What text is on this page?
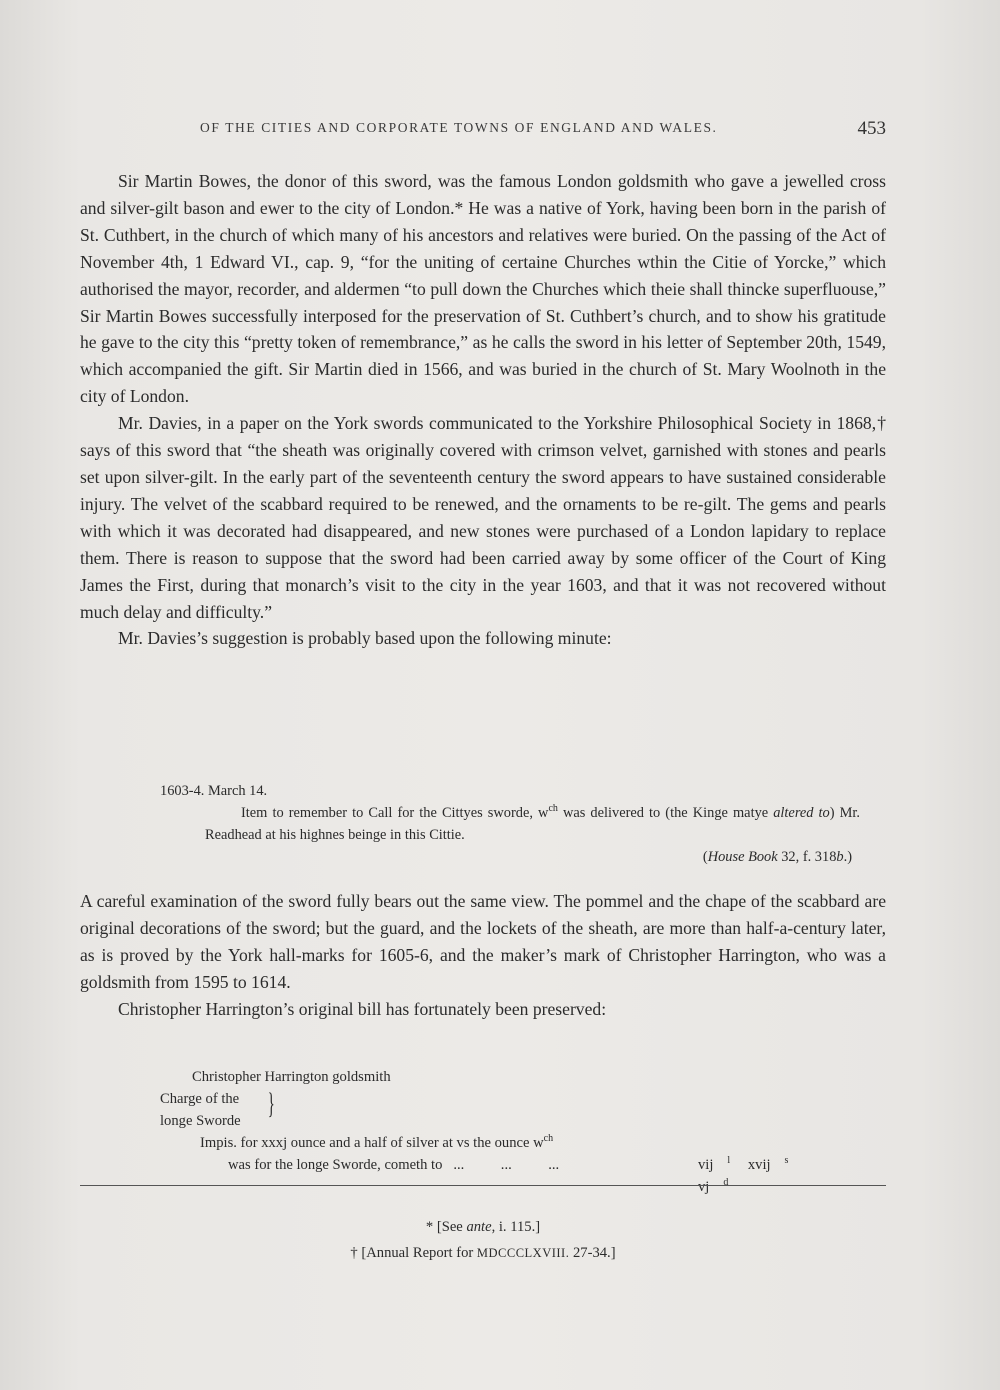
OF THE CITIES AND CORPORATE TOWNS OF ENGLAND AND WALES.	453

Sir Martin Bowes, the donor of this sword, was the famous London goldsmith who gave a jewelled cross and silver-gilt bason and ewer to the city of London.* He was a native of York, having been born in the parish of St. Cuthbert, in the church of which many of his ancestors and relatives were buried. On the passing of the Act of November 4th, 1 Edward VI., cap. 9, “for the uniting of certaine Churches wthin the Citie of Yorcke,” which authorised the mayor, recorder, and aldermen “to pull down the Churches which theie shall thincke superfluouse,” Sir Martin Bowes successfully interposed for the preservation of St. Cuthbert’s church, and to show his gratitude he gave to the city this “pretty token of remembrance,” as he calls the sword in his letter of September 20th, 1549, which accompanied the gift. Sir Martin died in 1566, and was buried in the church of St. Mary Woolnoth in the city of London.

Mr. Davies, in a paper on the York swords communicated to the Yorkshire Philosophical Society in 1868,† says of this sword that “the sheath was originally covered with crimson velvet, garnished with stones and pearls set upon silver-gilt. In the early part of the seventeenth century the sword appears to have sustained considerable injury. The velvet of the scabbard required to be renewed, and the ornaments to be re-gilt. The gems and pearls with which it was decorated had disappeared, and new stones were purchased of a London lapidary to replace them. There is reason to suppose that the sword had been carried away by some officer of the Court of King James the First, during that monarch’s visit to the city in the year 1603, and that it was not recovered without much delay and difficulty.”

Mr. Davies’s suggestion is probably based upon the following minute:

1603-4. March 14.

Item to remember to Call for the Cittyes sworde, $w^{ch}$ was delivered to (the Kinge matye altered to) Mr. Readhead at his highnes beinge in this Cittie.

(House Book 32, f. 318b.)

A careful examination of the sword fully bears out the same view. The pommel and the chape of the scabbard are original decorations of the sword; but the guard, and the lockets of the sheath, are more than half-a-century later, as is proved by the York hall-marks for 1605-6, and the maker’s mark of Christopher Harrington, who was a goldsmith from 1595 to 1614.

Christopher Harrington’s original bill has fortunately been preserved:

Christopher Harrington goldsmith

Charge of the

longe Sworde

}

Impis. for xxxj ounce and a half of silver at vs the ounce $w^{ch}$

was for the longe Sworde, cometh to ...          ...          ...	vij $^l$ xvij $^s$ vj $^d$

* [See ante, i. 115.]

† [Annual Report for MDCCCLXVIII. 27-34.]
